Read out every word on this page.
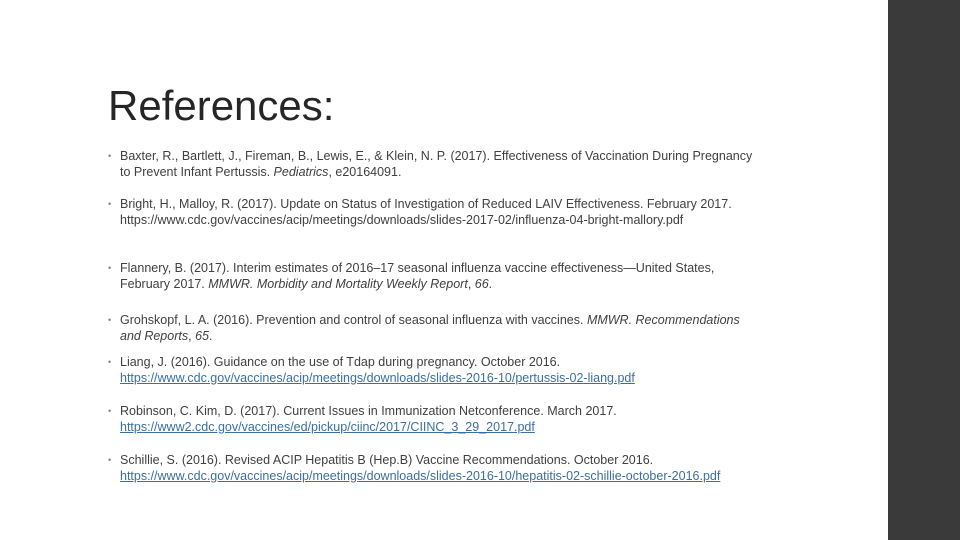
References:
• Baxter, R., Bartlett, J., Fireman, B., Lewis, E., & Klein, N. P. (2017). Effectiveness of Vaccination During Pregnancy to Prevent Infant Pertussis. Pediatrics, e20164091.
• Bright, H., Malloy, R. (2017). Update on Status of Investigation of Reduced LAIV Effectiveness. February 2017. https://www.cdc.gov/vaccines/acip/meetings/downloads/slides-2017-02/influenza-04-bright-mallory.pdf
• Flannery, B. (2017). Interim estimates of 2016–17 seasonal influenza vaccine effectiveness—United States, February 2017. MMWR. Morbidity and Mortality Weekly Report, 66.
• Grohskopf, L. A. (2016). Prevention and control of seasonal influenza with vaccines. MMWR. Recommendations and Reports, 65.
• Liang, J. (2016). Guidance on the use of Tdap during pregnancy. October 2016. https://www.cdc.gov/vaccines/acip/meetings/downloads/slides-2016-10/pertussis-02-liang.pdf
• Robinson, C. Kim, D. (2017). Current Issues in Immunization Netconference. March 2017. https://www2.cdc.gov/vaccines/ed/pickup/ciinc/2017/CIINC_3_29_2017.pdf
• Schillie, S. (2016). Revised ACIP Hepatitis B (Hep.B) Vaccine Recommendations. October 2016. https://www.cdc.gov/vaccines/acip/meetings/downloads/slides-2016-10/hepatitis-02-schillie-october-2016.pdf
